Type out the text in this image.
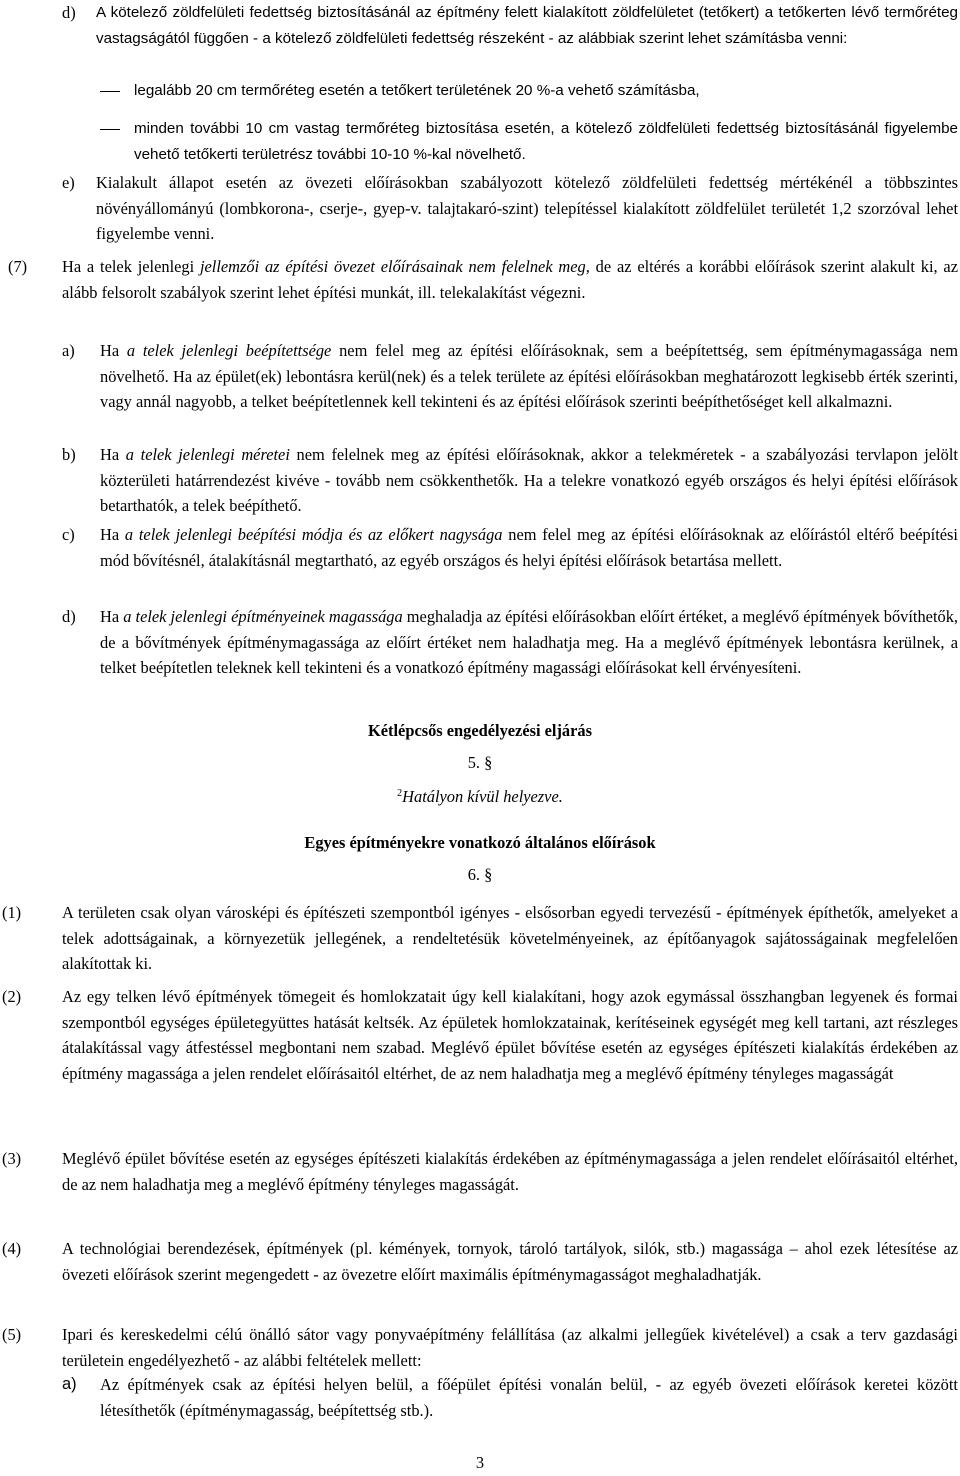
d)	A kötelező zöldfelületi fedettség biztosításánál az építmény felett kialakított zöldfelületet (tetőkert) a tetőkerten lévő termőréteg vastagságától függően - a kötelező zöldfelületi fedettség részeként - az alábbiak szerint lehet számításba venni:
legalább 20 cm termőréteg esetén a tetőkert területének 20 %-a vehető számításba,
minden további 10 cm vastag termőréteg biztosítása esetén, a kötelező zöldfelületi fedettség biztosításánál figyelembe vehető tetőkerti területrész további 10-10 %-kal növelhető.
e)	Kialakult állapot esetén az övezeti előírásokban szabályozott kötelező zöldfelületi fedettség mértékénél a többszintes növényállományú (lombkorona-, cserje-, gyep-v. talajtakaró-szint) telepítéssel kialakított zöldfelület területét 1,2 szorzóval lehet figyelembe venni.
(7)	Ha a telek jelenlegi jellemzői az építési övezet előírásainak nem felelnek meg, de az eltérés a korábbi előírások szerint alakult ki, az alább felsorolt szabályok szerint lehet építési munkát, ill. telekalakítást végezni.
a)	Ha a telek jelenlegi beépítettsége nem felel meg az építési előírásoknak, sem a beépítettség, sem építménymagassága nem növelhető. Ha az épület(ek) lebontásra kerül(nek) és a telek területe az építési előírásokban meghatározott legkisebb érték szerinti, vagy annál nagyobb, a telket beépítetlennek kell tekinteni és az építési előírások szerinti beépíthetőséget kell alkalmazni.
b)	Ha a telek jelenlegi méretei nem felelnek meg az építési előírásoknak, akkor a telekméretek - a szabályozási tervlapon jelölt közterületi határrendezést kivéve - tovább nem csökkenthetők. Ha a telekre vonatkozó egyéb országos és helyi építési előírások betarthatók, a telek beépíthető.
c)	Ha a telek jelenlegi beépítési módja és az előkert nagysága nem felel meg az építési előírásoknak az előírástól eltérő beépítési mód bővítésnél, átalakításnál megtartható, az egyéb országos és helyi építési előírások betartása mellett.
d)	Ha a telek jelenlegi építményeinek magassága meghaladja az építési előírásokban előírt értéket, a meglévő építmények bővíthetők, de a bővítmények építménymagassága az előírt értéket nem haladhatja meg. Ha a meglévő építmények lebontásra kerülnek, a telket beépítetlen teleknek kell tekinteni és a vonatkozó építmény magassági előírásokat kell érvényesíteni.
Kétlépcsős engedélyezési eljárás
5. §
$^2$Hatályon kívül helyezve.
Egyes építményekre vonatkozó általános előírások
6. §
(1)	A területen csak olyan városképi és építészeti szempontból igényes - elsősorban egyedi tervezésű - építmények építhetők, amelyeket a telek adottságainak, a környezetük jellegének, a rendeltetésük követelményeinek, az építőanyagok sajátosságainak megfelelően alakítottak ki.
(2)	Az egy telken lévő építmények tömegeit és homlokzatait úgy kell kialakítani, hogy azok egymással összhangban legyenek és formai szempontból egységes épületegyüttes hatását keltsék. Az épületek homlokzatainak, kerítéseinek egységét meg kell tartani, azt részleges átalakítással vagy átfestéssel megbontani nem szabad. Meglévő épület bővítése esetén az egységes építészeti kialakítás érdekében az építmény magassága a jelen rendelet előírásaitól eltérhet, de az nem haladhatja meg a meglévő építmény tényleges magasságát
(3)	Meglévő épület bővítése esetén az egységes építészeti kialakítás érdekében az építménymagassága a jelen rendelet előírásaitól eltérhet, de az nem haladhatja meg a meglévő építmény tényleges magasságát.
(4)	A technológiai berendezések, építmények (pl. kémények, tornyok, tároló tartályok, silók, stb.) magassága – ahol ezek létesítése az övezeti előírások szerint megengedett - az övezetre előírt maximális építménymagasságot meghaladhatják.
(5)	Ipari és kereskedelmi célú önálló sátor vagy ponyvaépítmény felállítása (az alkalmi jellegűek kivételével) a csak a terv gazdasági területein engedélyezhető - az alábbi feltételek mellett:
a)	Az építmények csak az építési helyen belül, a főépület építési vonalán belül, - az egyéb övezeti előírások keretei között létesíthetők (építménymagasság, beépítettség stb.).
3
